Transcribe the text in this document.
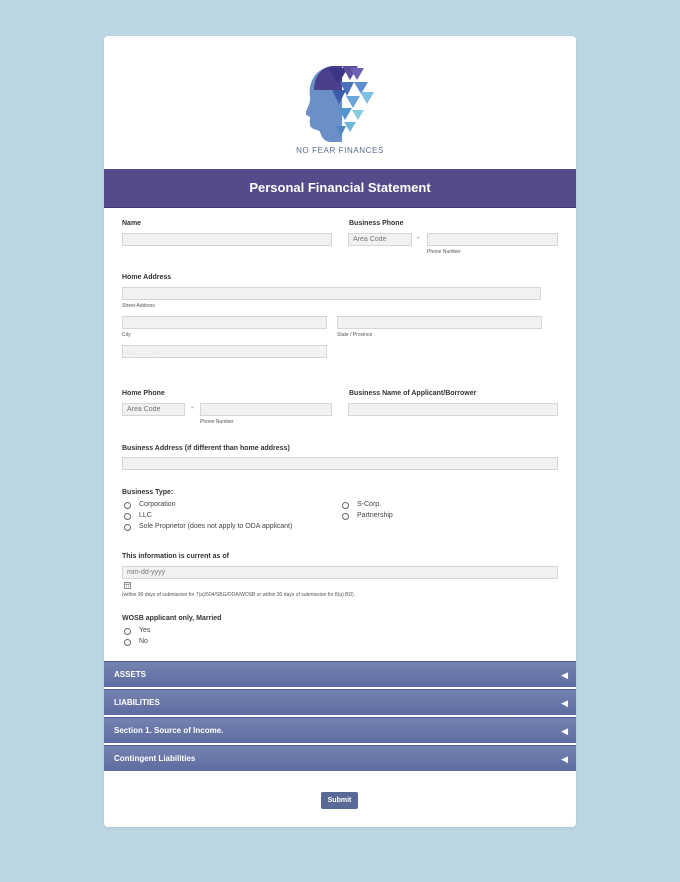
NO FEAR FINANCES
Personal Financial Statement
Name	Business Phone
Area Code
-
Phone Number
Home Address
Street Address
City	State / Province
Home Phone
Area Code
-
Phone Number
Business Name of Applicant/Borrower
Business Address (if different than home address)
Business Type:
Corporation
LLC
Sole Proprietor (does not apply to ODA applicant)
S-Corp.
Partnership
This information is current as of
mm-dd-yyyy
(within 90 days of submission for 7(a)/504/SBG/ODA/WOSB or within 30 days of submission for 8(a) BD)
WOSB applicant only, Married
Yes
No
ASSETS	◀
LIABILITIES	◀
Section 1. Source of Income.	◀
Contingent Liabilities	◀
Submit
